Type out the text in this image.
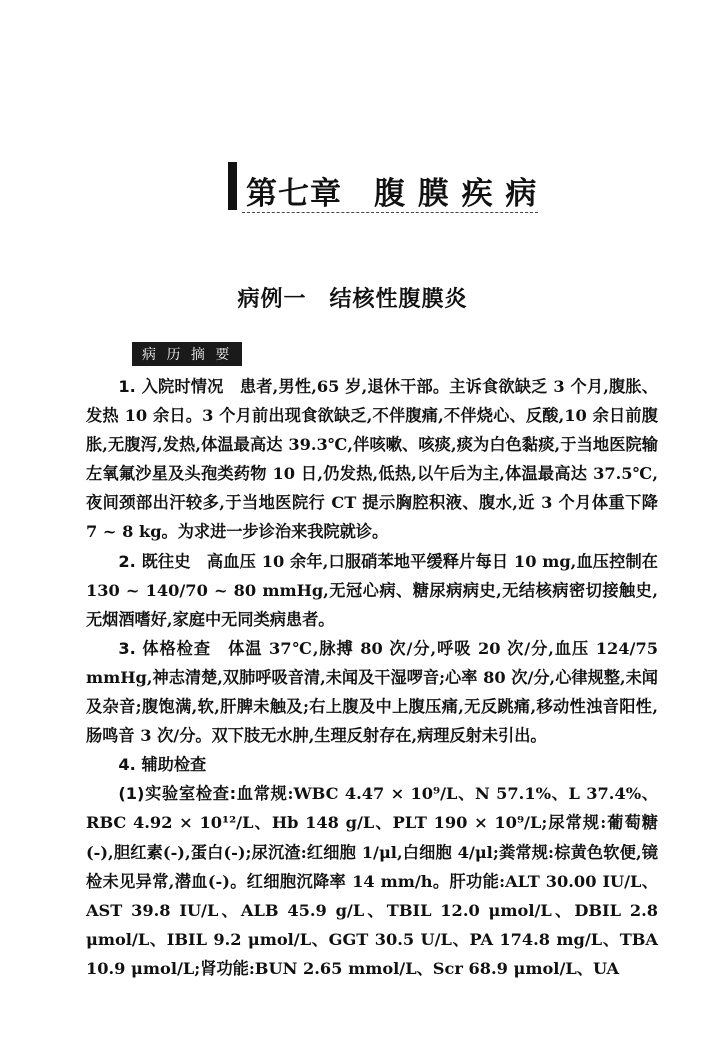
第七章　腹 膜 疾 病
病例一　结核性腹膜炎
病 历 摘 要

1. 入院时情况　患者,男性,65 岁,退休干部。主诉食欲缺乏 3 个月,腹胀、发热 10 余日。3 个月前出现食欲缺乏,不伴腹痛,不伴烧心、反酸,10 余日前腹胀,无腹泻,发热,体温最高达 39.3℃,伴咳嗽、咳痰,痰为白色黏痰,于当地医院输左氧氟沙星及头孢类药物 10 日,仍发热,低热,以午后为主,体温最高达 37.5℃,夜间颈部出汗较多,于当地医院行 CT 提示胸腔积液、腹水,近 3 个月体重下降 7 ~ 8 kg。为求进一步诊治来我院就诊。

2. 既往史　高血压 10 余年,口服硝苯地平缓释片每日 10 mg,血压控制在 130 ~ 140/70 ~ 80 mmHg,无冠心病、糖尿病病史,无结核病密切接触史,无烟酒嗜好,家庭中无同类病患者。

3. 体格检查　体温 37℃,脉搏 80 次/分,呼吸 20 次/分,血压 124/75 mmHg,神志清楚,双肺呼吸音清,未闻及干湿啰音;心率 80 次/分,心律规整,未闻及杂音;腹饱满,软,肝脾未触及;右上腹及中上腹压痛,无反跳痛,移动性浊音阳性,肠鸣音 3 次/分。双下肢无水肿,生理反射存在,病理反射未引出。

4. 辅助检查

(1)实验室检查:血常规:WBC 4.47 × 10⁹/L、N 57.1%、L 37.4%、RBC 4.92 × 10¹²/L、Hb 148 g/L、PLT 190 × 10⁹/L;尿常规:葡萄糖(-),胆红素(-),蛋白(-);尿沉渣:红细胞 1/μl,白细胞 4/μl;粪常规:棕黄色软便,镜检未见异常,潜血(-)。红细胞沉降率 14 mm/h。肝功能:ALT 30.00 IU/L、AST 39.8 IU/L、ALB 45.9 g/L、TBIL 12.0 μmol/L、DBIL 2.8 μmol/L、IBIL 9.2 μmol/L、GGT 30.5 U/L、PA 174.8 mg/L、TBA 10.9 μmol/L;肾功能:BUN 2.65 mmol/L、Scr 68.9 μmol/L、UA
